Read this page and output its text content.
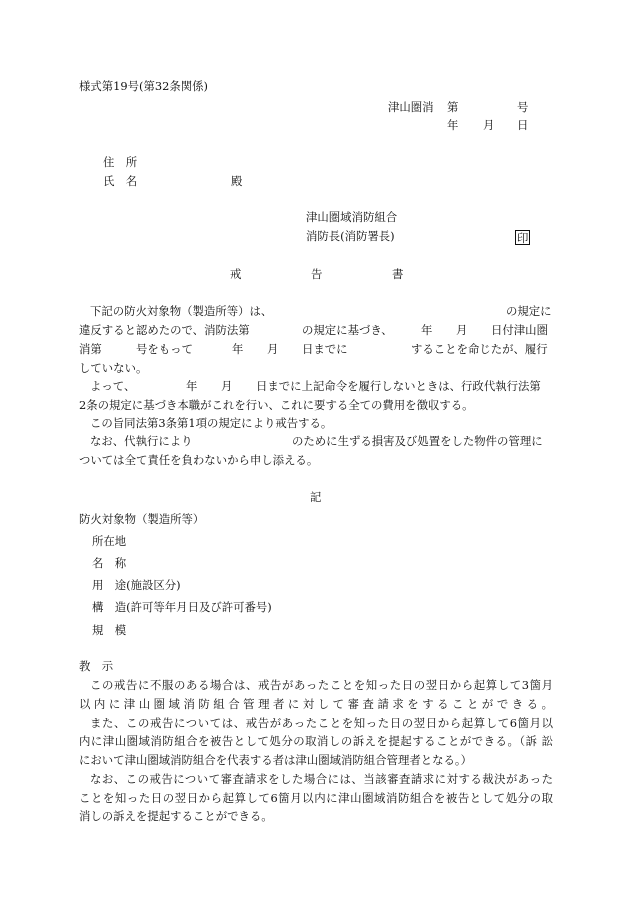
様式第19号(第32条関係)
津山圏消 第	号
年 月 日
住　所
氏　名	殿
津山圏域消防組合
消防長(消防署長)	印
戒	告	書
下記の防火対象物（製造所等）は、	の規定に
違反すると認めたので、消防法第	の規定に基づき、 年 月 日付津山圏
消第	号をもって	年 月 日までに	することを命じたが、履行
していない。
よって、	年 月 日までに上記命令を履行しないときは、行政代執行法第
2条の規定に基づき本職がこれを行い、これに要する全ての費用を徴収する。
この旨同法第3条第1項の規定により戒告する。
なお、代執行により	のために生ずる損害及び処置をした物件の管理に
ついては全て責任を負わないから申し添える。
記
防火対象物（製造所等）
所在地
名　称
用　途(施設区分)
構　造(許可等年月日及び許可番号)
規　模
教　示
この戒告に不服のある場合は、戒告があったことを知った日の翌日から起算して3箇月
以内に津山圏域消防組合管理者に対して審査請求をすることができる。
また、この戒告については、戒告があったことを知った日の翌日から起算して6箇月以
内に津山圏域消防組合を被告として処分の取消しの訴えを提起することができる。（訴 訟
において津山圏域消防組合を代表する者は津山圏域消防組合管理者となる。）
なお、この戒告について審査請求をした場合には、当該審査請求に対する裁決があった
ことを知った日の翌日から起算して6箇月以内に津山圏域消防組合を被告として処分の取
消しの訴えを提起することができる。
